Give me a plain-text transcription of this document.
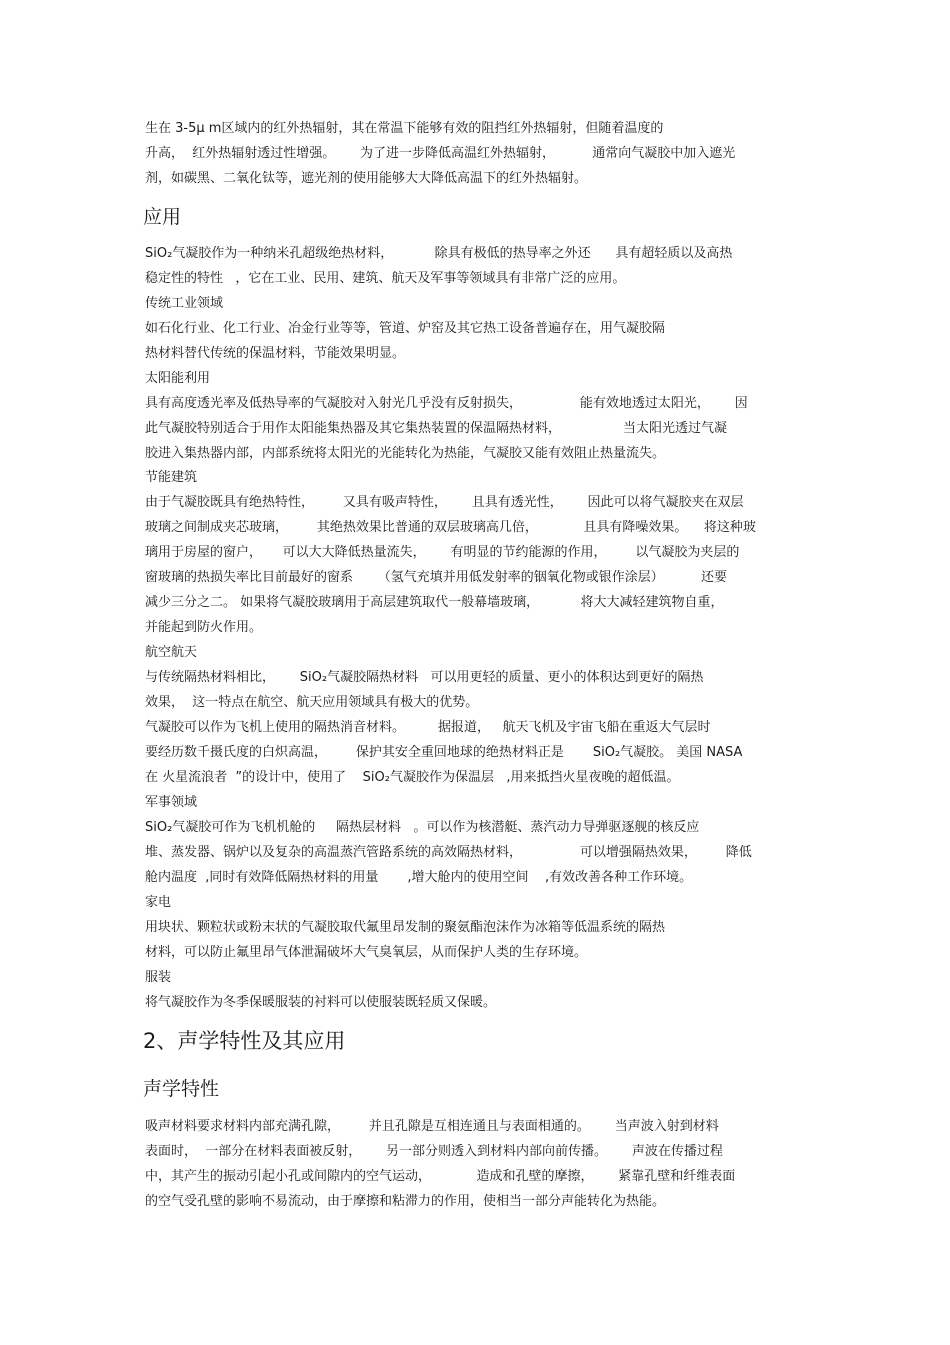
生在 3-5μ m区域内的红外热辐射，其在常温下能够有效的阻挡红外热辐射，但随着温度的

升高，  红外热辐射透过性增强。      为了进一步降低高温红外热辐射，         通常向气凝胶中加入遮光

剂，如碳黑、二氧化钛等，遮光剂的使用能够大大降低高温下的红外热辐射。

应用

SiO₂气凝胶作为一种纳米孔超级绝热材料，          除具有极低的热导率之外还      具有超轻质以及高热

稳定性的特性   ，它在工业、民用、建筑、航天及军事等领域具有非常广泛的应用。

传统工业领域

如石化行业、化工行业、冶金行业等等，管道、炉窑及其它热工设备普遍存在，用气凝胶隔

热材料替代传统的保温材料，节能效果明显。

太阳能利用

具有高度透光率及低热导率的气凝胶对入射光几乎没有反射损失，              能有效地透过太阳光，      因

此气凝胶特别适合于用作太阳能集热器及其它集热装置的保温隔热材料，               当太阳光透过气凝

胶进入集热器内部，内部系统将太阳光的光能转化为热能，气凝胶又能有效阻止热量流失。

节能建筑

由于气凝胶既具有绝热特性，       又具有吸声特性，      且具有透光性，      因此可以将气凝胶夹在双层

玻璃之间制成夹芯玻璃，       其绝热效果比普通的双层玻璃高几倍，           且具有降噪效果。    将这种玻

璃用于房屋的窗户，     可以大大降低热量流失，      有明显的节约能源的作用，       以气凝胶为夹层的

窗玻璃的热损失率比目前最好的窗系      （氢气充填并用低发射率的铟氧化物或银作涂层）         还要

减少三分之二。 如果将气凝胶玻璃用于高层建筑取代一般幕墙玻璃，          将大大减轻建筑物自重，

并能起到防火作用。

航空航天

与传统隔热材料相比，      SiO₂气凝胶隔热材料   可以用更轻的质量、更小的体积达到更好的隔热

效果，  这一特点在航空、航天应用领域具有极大的优势。

气凝胶可以作为飞机上使用的隔热消音材料。        据报道，   航天飞机及宇宙飞船在重返大气层时

要经历数千摄氏度的白炽高温，       保护其安全重回地球的绝热材料正是       SiO₂气凝胶。 美国 NASA

在 火星流浪者  ”的设计中，使用了    SiO₂气凝胶作为保温层   ,用来抵挡火星夜晚的超低温。

军事领域

SiO₂气凝胶可作为飞机机舱的     隔热层材料   。可以作为核潜艇、蒸汽动力导弹驱逐舰的核反应

堆、蒸发器、锅炉以及复杂的高温蒸汽管路系统的高效隔热材料，              可以增强隔热效果，       降低

舱内温度  ,同时有效降低隔热材料的用量       ,增大舱内的使用空间    ,有效改善各种工作环境。

家电

用块状、颗粒状或粉末状的气凝胶取代氟里昂发制的聚氨酯泡沫作为冰箱等低温系统的隔热

材料，可以防止氟里昂气体泄漏破坏大气臭氧层，从而保护人类的生存环境。

服装

将气凝胶作为冬季保暖服装的衬料可以使服装既轻质又保暖。

2、声学特性及其应用
声学特性

吸声材料要求材料内部充满孔隙，       并且孔隙是互相连通且与表面相通的。      当声波入射到材料

表面时，  一部分在材料表面被反射，      另一部分则透入到材料内部向前传播。      声波在传播过程

中，其产生的振动引起小孔或间隙内的空气运动，           造成和孔壁的摩擦，      紧靠孔壁和纤维表面

的空气受孔壁的影响不易流动，由于摩擦和粘滞力的作用，使相当一部分声能转化为热能。
